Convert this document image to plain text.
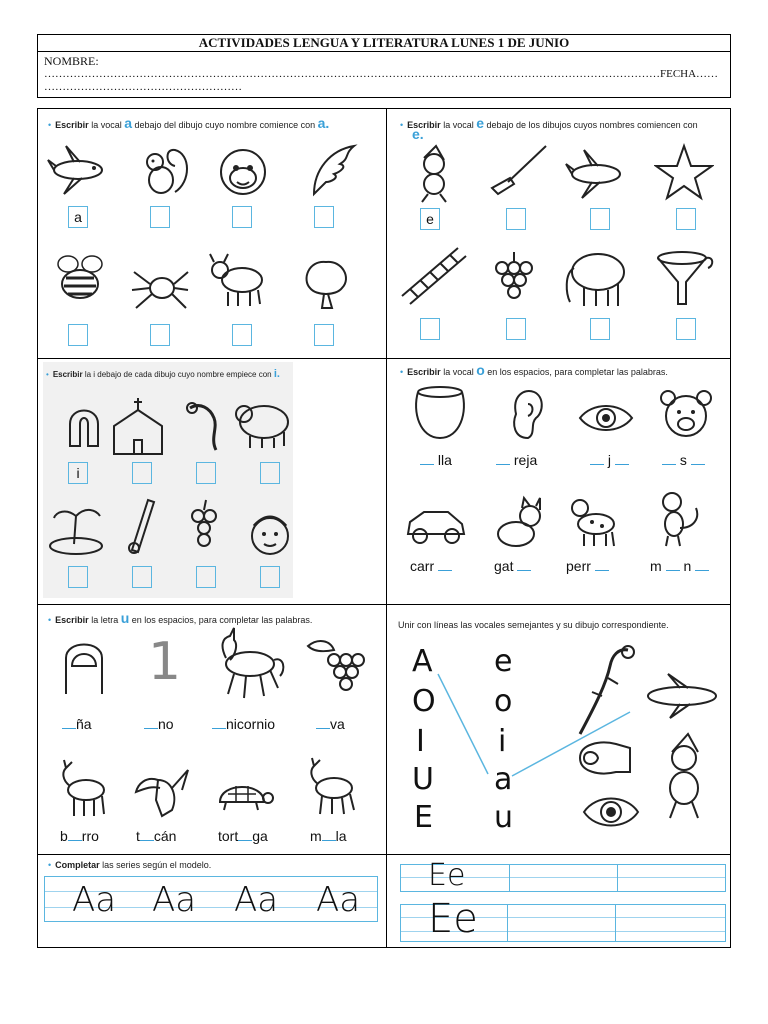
ACTIVIDADES LENGUA Y LITERATURA LUNES 1 DE JUNIO
NOMBRE:
……………………………………………………………………………………………………………………………………………………FECHA……
………………………………………………
• Escribir la vocal a debajo del dibujo cuyo nombre comience con a.
a
• Escribir la vocal e debajo de los dibujos cuyos nombres comiencen con
e.
e
• Escribir la i debajo de cada dibujo cuyo nombre empiece con i.
i
• Escribir la vocal o en los espacios, para completar las palabras.
lla	reja	j	s
carr	gat	perr	m  n
• Escribir la letra u en los espacios, para completar las palabras.
1
ña	no	nicornio	va
b rro	t cán	tort ga	m la
Unir con líneas las vocales semejantes y su dibujo correspondiente.
A
O
I
U
E
e
o
i
a
u
• Completar las series según el modelo.
Aa Aa Aa Aa
Ee
Ee
